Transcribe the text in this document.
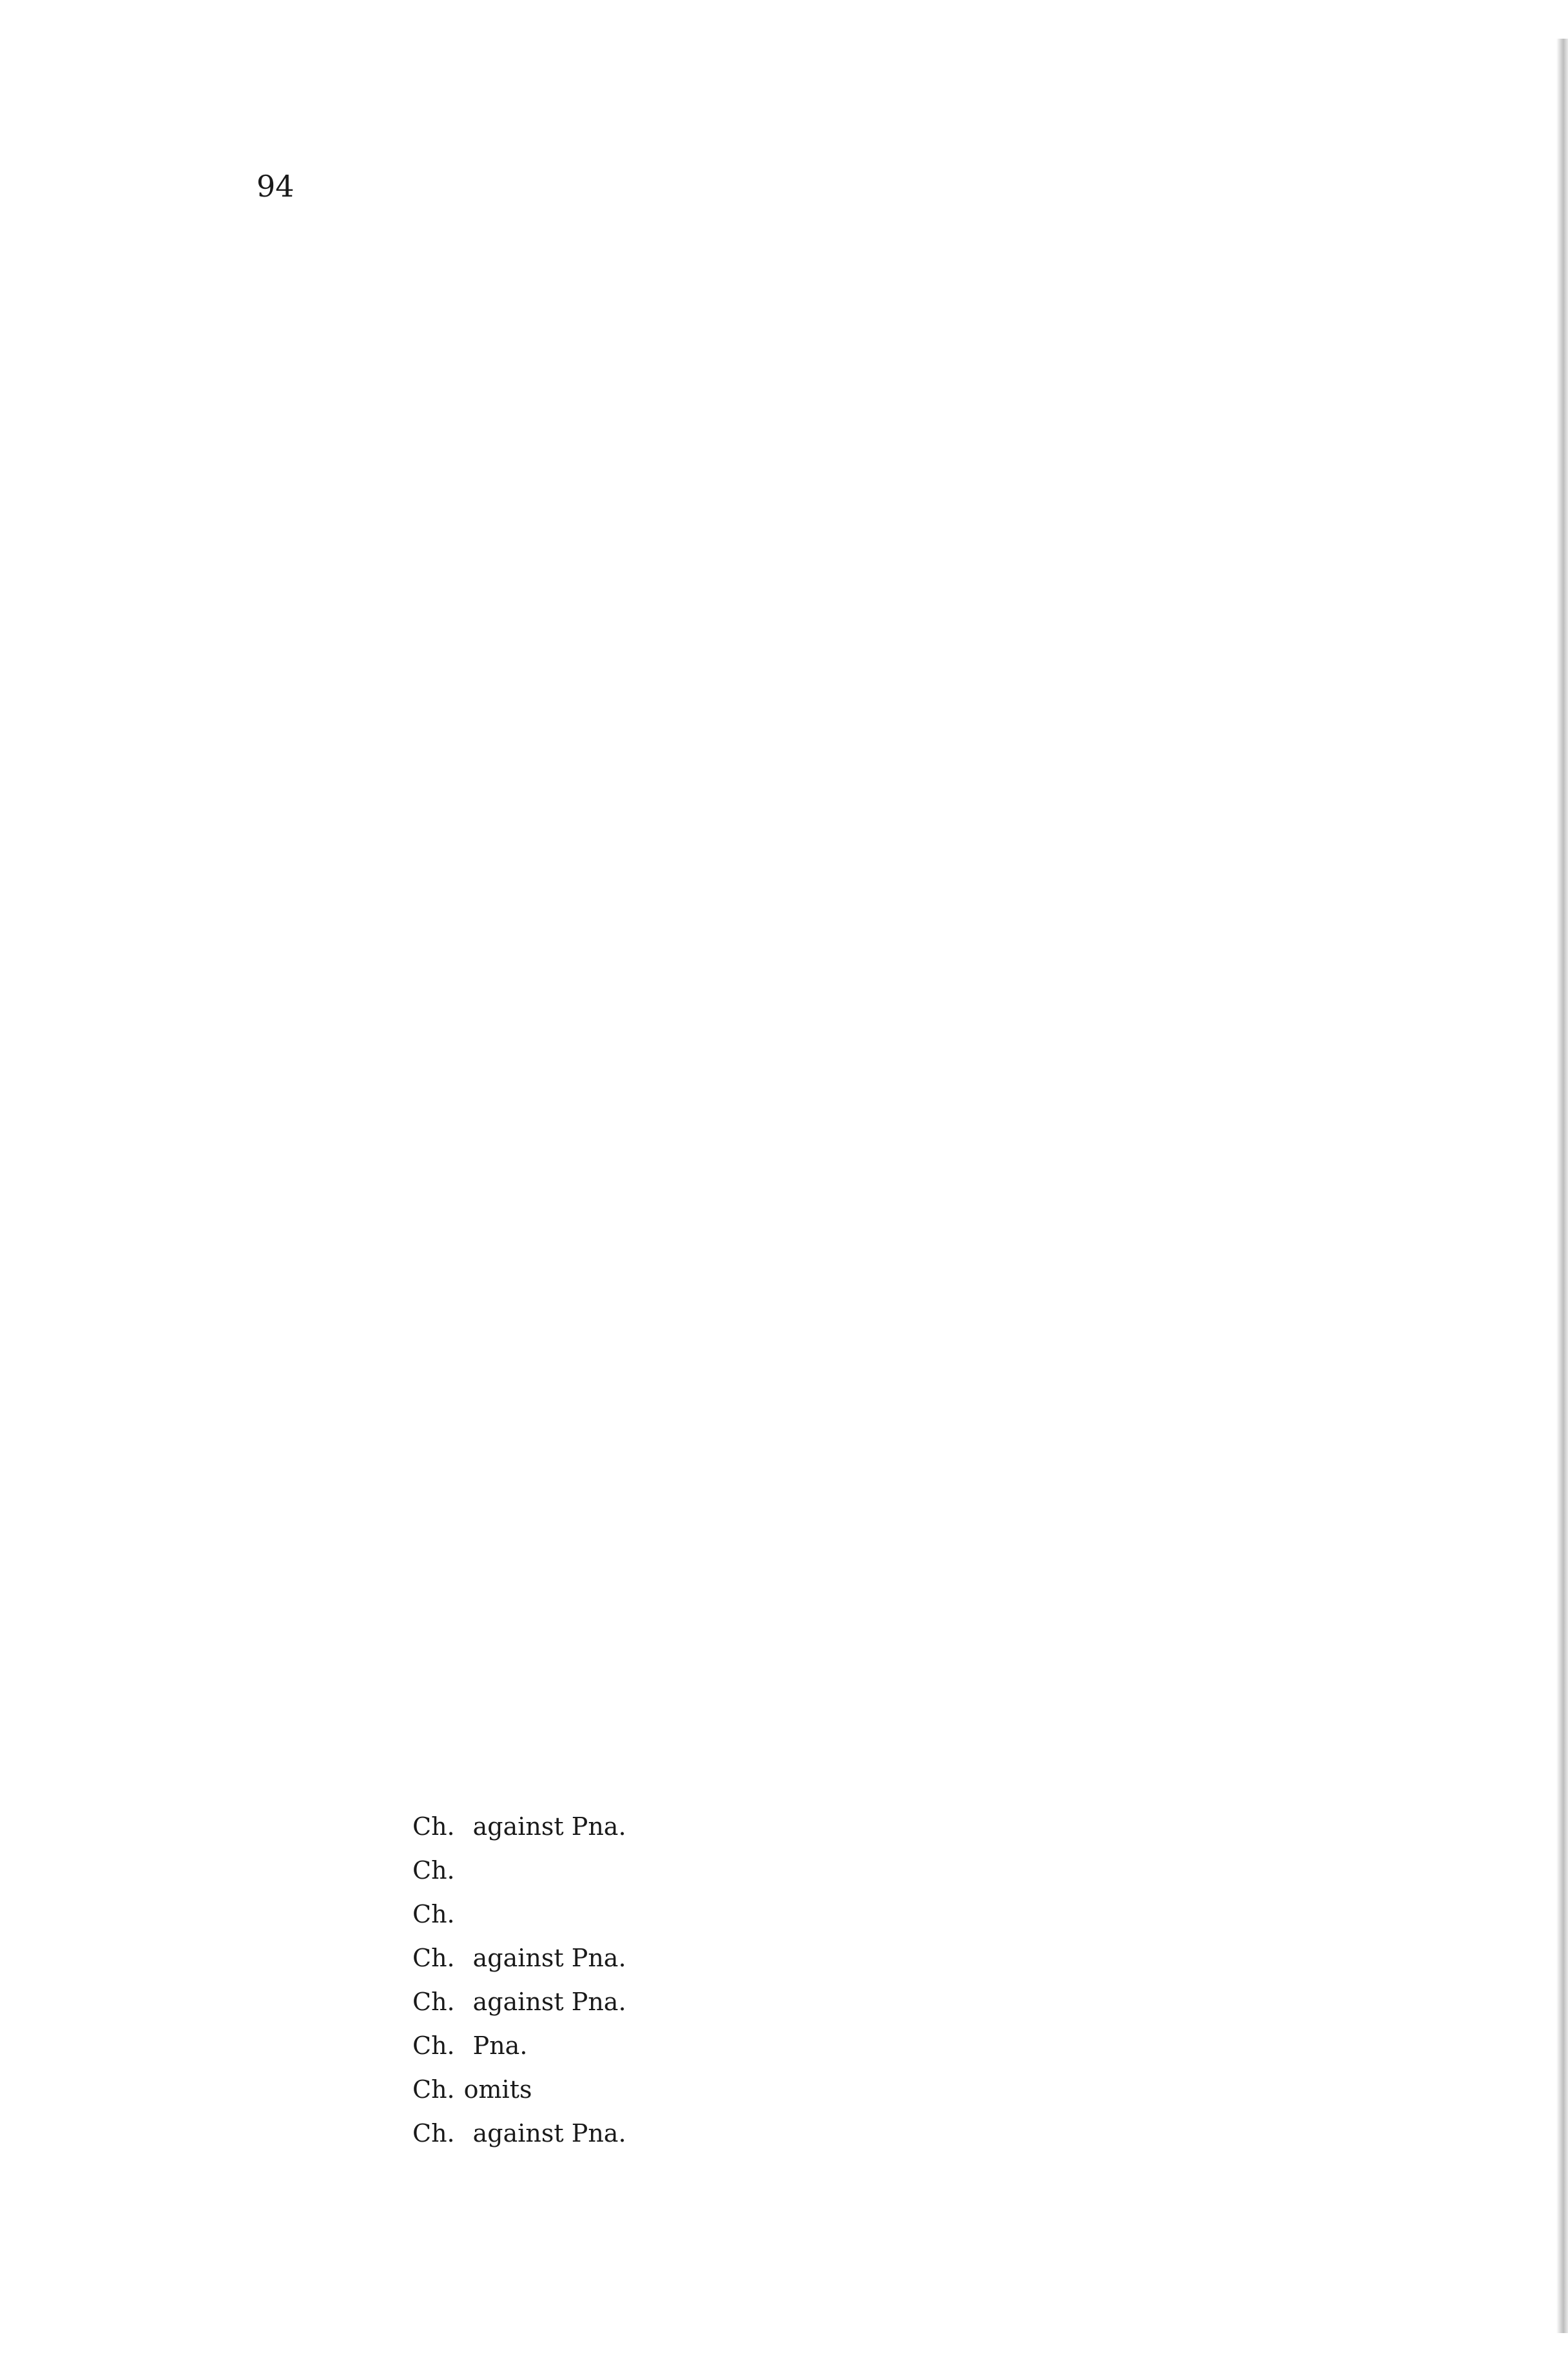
94

Ch. against Pna.
Ch.
Ch.
Ch. against Pna.
Ch. against Pna.
Ch. Pna.
Ch. omits
Ch. against Pna.
